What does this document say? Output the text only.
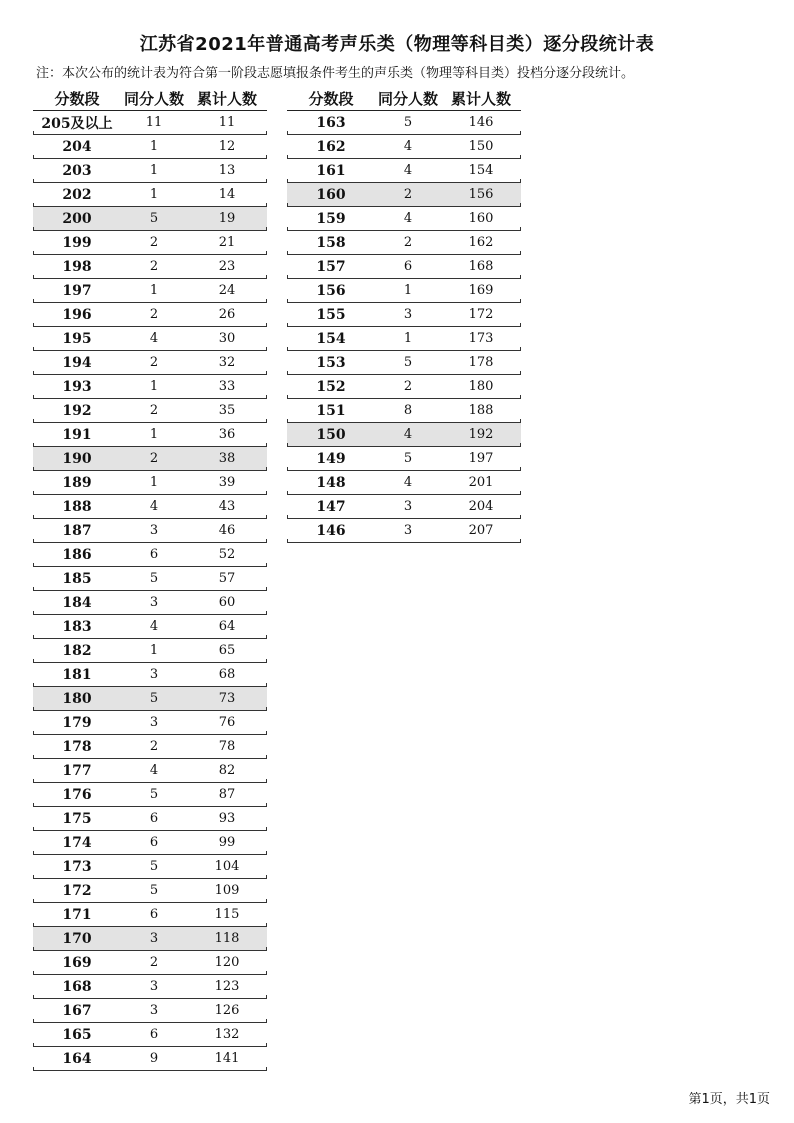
江苏省2021年普通高考声乐类（物理等科目类）逐分段统计表
注：本次公布的统计表为符合第一阶段志愿填报条件考生的声乐类（物理等科目类）投档分逐分段统计。
分数段	同分人数 累计人数
205及以上	11	11
204	1	12
203	1	13
202	1	14
200	5	19
199	2	21
198	2	23
197	1	24
196	2	26
195	4	30
194	2	32
193	1	33
192	2	35
191	1	36
190	2	38
189	1	39
188	4	43
187	3	46
186	6	52
185	5	57
184	3	60
183	4	64
182	1	65
181	3	68
180	5	73
179	3	76
178	2	78
177	4	82
176	5	87
175	6	93
174	6	99
173	5	104
172	5	109
171	6	115
170	3	118
169	2	120
168	3	123
167	3	126
165	6	132
164	9	141
分数段	同分人数 累计人数
163	5	146
162	4	150
161	4	154
160	2	156
159	4	160
158	2	162
157	6	168
156	1	169
155	3	172
154	1	173
153	5	178
152	2	180
151	8	188
150	4	192
149	5	197
148	4	201
147	3	204
146	3	207
第1页，共1页
